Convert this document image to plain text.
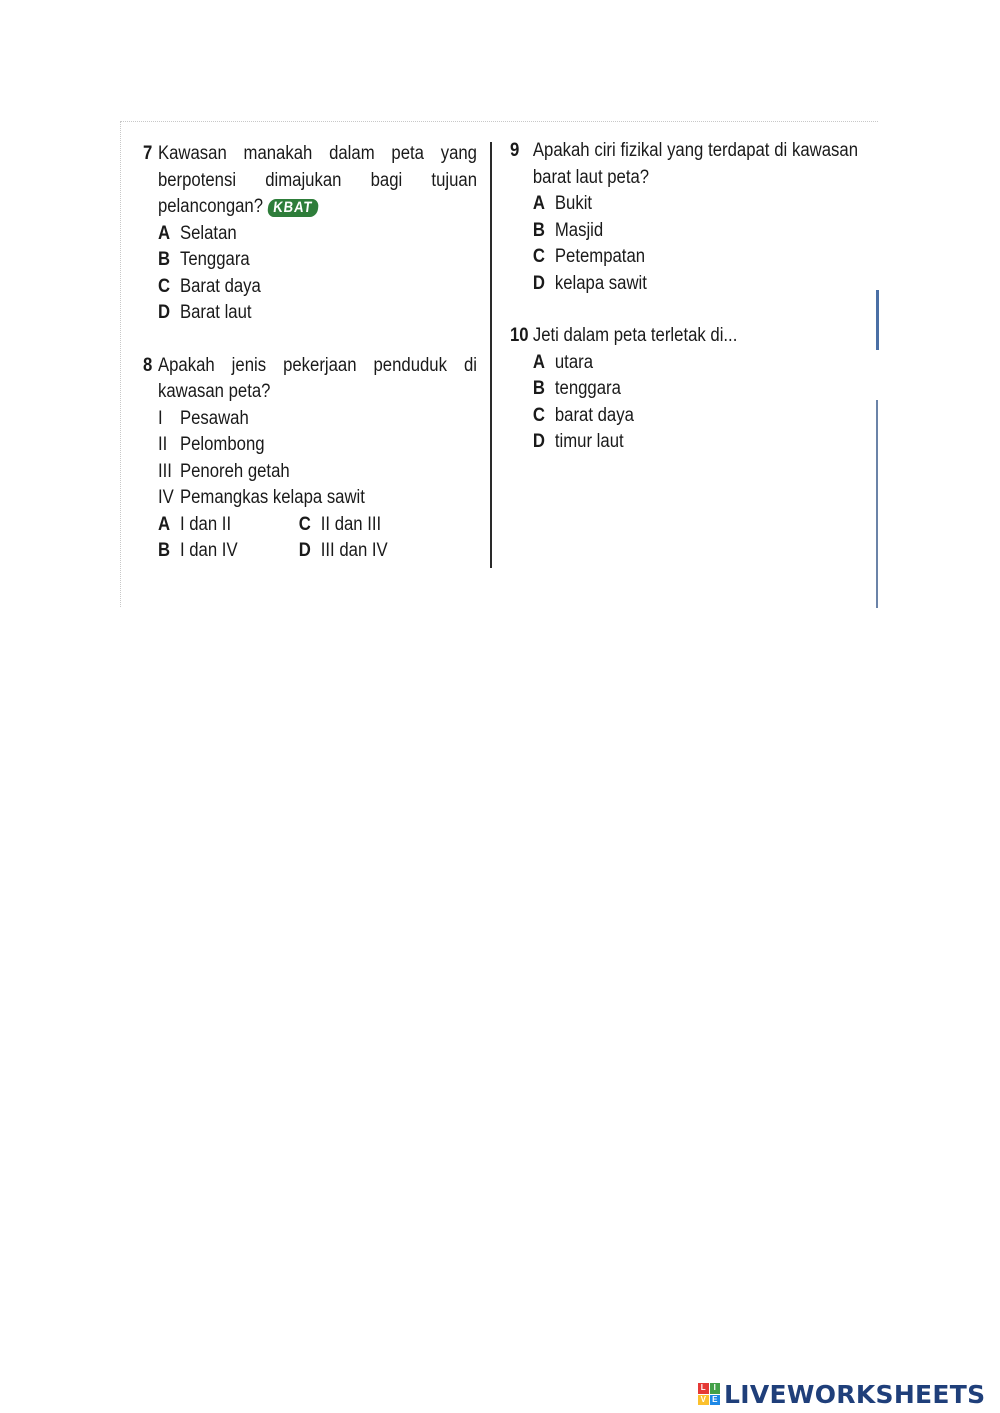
7 Kawasan manakah dalam peta yang berpotensi dimajukan bagi tujuan pelancongan? KBAT
A Selatan
B Tenggara
C Barat daya
D Barat laut
8 Apakah jenis pekerjaan penduduk di kawasan peta?
I Pesawah
II Pelombong
III Penoreh getah
IV Pemangkas kelapa sawit
A I dan II	C II dan III
B I dan IV	D III dan IV
9 Apakah ciri fizikal yang terdapat di kawasan barat laut peta?
A Bukit
B Masjid
C Petempatan
D kelapa sawit
10 Jeti dalam peta terletak di...
A utara
B tenggara
C barat daya
D timur laut
L I
V E LIVEWORKSHEETS
